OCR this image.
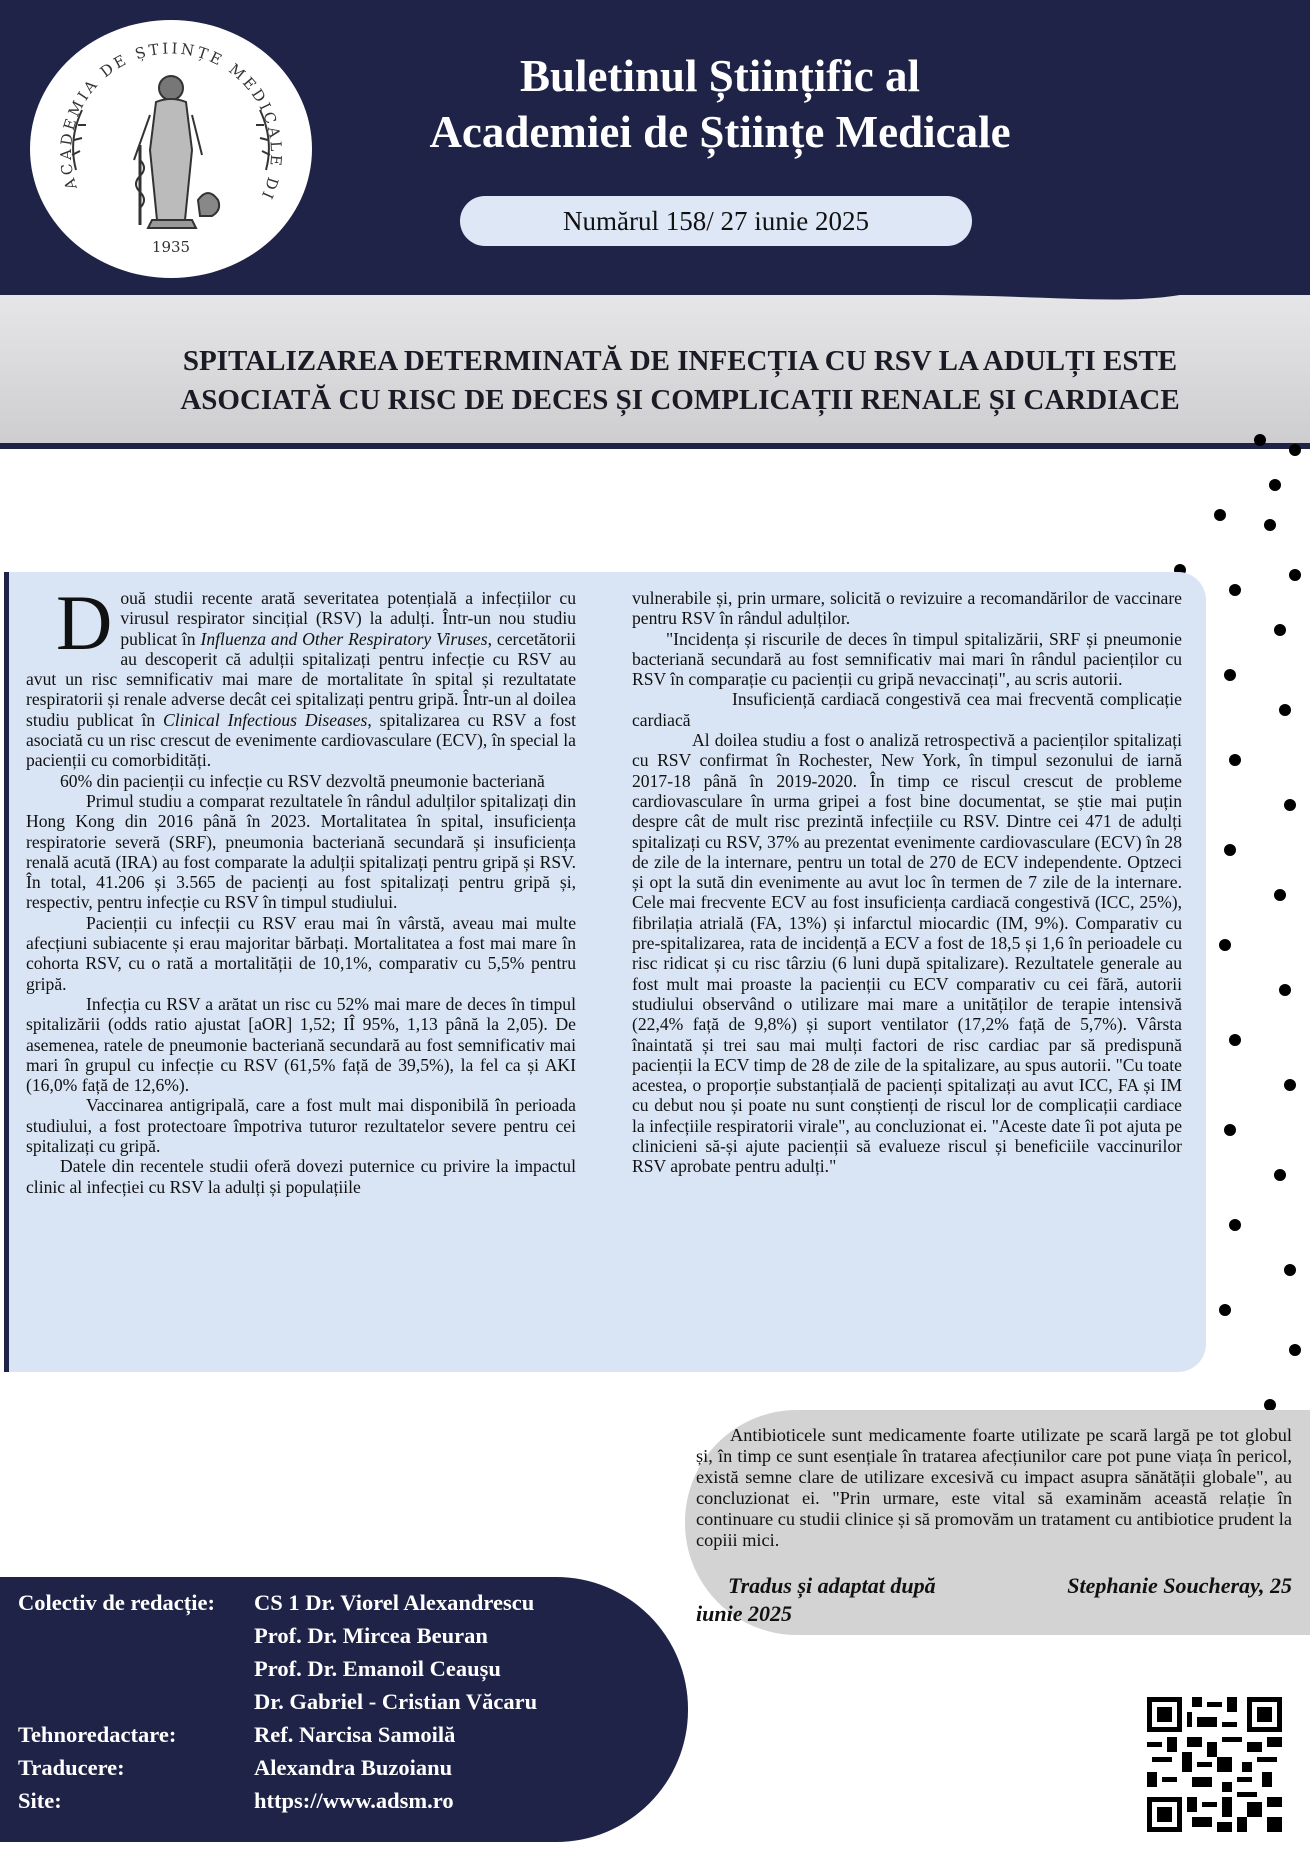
ACADEMIA DE ȘTIINȚE MEDICALE DI
1935
Buletinul Științific al
Academiei de Științe Medicale
Numărul 158/ 27 iunie 2025
SPITALIZAREA DETERMINATĂ DE INFECȚIA CU RSV LA ADULȚI ESTE
ASOCIATĂ CU RISC DE DECES ȘI COMPLICAȚII RENALE ȘI CARDIACE

Două studii recente arată severitatea potențială a infecțiilor cu virusul respirator sincițial (RSV) la adulți. Într-un nou studiu publicat în Influenza and Other Respiratory Viruses, cercetătorii au descoperit că adulții spitalizați pentru infecție cu RSV au avut un risc semnificativ mai mare de mortalitate în spital și rezultatate respiratorii și renale adverse decât cei spitalizați pentru gripă. Într-un al doilea studiu publicat în Clinical Infectious Diseases, spitalizarea cu RSV a fost asociată cu un risc crescut de evenimente cardiovasculare (ECV), în special la pacienții cu comorbidități.

60% din pacienții cu infecție cu RSV dezvoltă pneumonie bacteriană

Primul studiu a comparat rezultatele în rândul adulților spitalizați din Hong Kong din 2016 până în 2023. Mortalitatea în spital, insuficiența respiratorie severă (SRF), pneumonia bacteriană secundară și insuficiența renală acută (IRA) au fost comparate la adulții spitalizați pentru gripă și RSV. În total, 41.206 și 3.565 de pacienți au fost spitalizați pentru gripă și, respectiv, pentru infecție cu RSV în timpul studiului.

Pacienții cu infecții cu RSV erau mai în vârstă, aveau mai multe afecțiuni subiacente și erau majoritar bărbați. Mortalitatea a fost mai mare în cohorta RSV, cu o rată a mortalității de 10,1%, comparativ cu 5,5% pentru gripă.

Infecția cu RSV a arătat un risc cu 52% mai mare de deces în timpul spitalizării (odds ratio ajustat [aOR] 1,52; IÎ 95%, 1,13 până la 2,05). De asemenea, ratele de pneumonie bacteriană secundară au fost semnificativ mai mari în grupul cu infecție cu RSV (61,5% față de 39,5%), la fel ca și AKI (16,0% față de 12,6%).

Vaccinarea antigripală, care a fost mult mai disponibilă în perioada studiului, a fost protectoare împotriva tuturor rezultatelor severe pentru cei spitalizați cu gripă.

Datele din recentele studii oferă dovezi puternice cu privire la impactul clinic al infecției cu RSV la adulți și populațiile

vulnerabile și, prin urmare, solicită o revizuire a recomandărilor de vaccinare pentru RSV în rândul adulților.

"Incidența și riscurile de deces în timpul spitalizării, SRF și pneumonie bacteriană secundară au fost semnificativ mai mari în rândul pacienților cu RSV în comparație cu pacienții cu gripă nevaccinați", au scris autorii.

Insuficiență cardiacă congestivă cea mai frecventă complicație cardiacă

Al doilea studiu a fost o analiză retrospectivă a pacienților spitalizați cu RSV confirmat în Rochester, New York, în timpul sezonului de iarnă 2017-18 până în 2019-2020. În timp ce riscul crescut de probleme cardiovasculare în urma gripei a fost bine documentat, se știe mai puțin despre cât de mult risc prezintă infecțiile cu RSV. Dintre cei 471 de adulți spitalizați cu RSV, 37% au prezentat evenimente cardiovasculare (ECV) în 28 de zile de la internare, pentru un total de 270 de ECV independente. Optzeci și opt la sută din evenimente au avut loc în termen de 7 zile de la internare. Cele mai frecvente ECV au fost insuficiența cardiacă congestivă (ICC, 25%), fibrilația atrială (FA, 13%) și infarctul miocardic (IM, 9%). Comparativ cu pre-spitalizarea, rata de incidență a ECV a fost de 18,5 și 1,6 în perioadele cu risc ridicat și cu risc târziu (6 luni după spitalizare). Rezultatele generale au fost mult mai proaste la pacienții cu ECV comparativ cu cei fără, autorii studiului observând o utilizare mai mare a unităților de terapie intensivă (22,4% față de 9,8%) și suport ventilator (17,2% față de 5,7%). Vârsta înaintată și trei sau mai mulți factori de risc cardiac par să predispună pacienții la ECV timp de 28 de zile de la spitalizare, au spus autorii. "Cu toate acestea, o proporție substanțială de pacienți spitalizați au avut ICC, FA și IM cu debut nou și poate nu sunt conștienți de riscul lor de complicații cardiace la infecțiile respiratorii virale", au concluzionat ei. "Aceste date îi pot ajuta pe clinicieni să-și ajute pacienții să evalueze riscul și beneficiile vaccinurilor RSV aprobate pentru adulți."

Antibioticele sunt medicamente foarte utilizate pe scară largă pe tot globul și, în timp ce sunt esențiale în tratarea afecțiunilor care pot pune viața în pericol, există semne clare de utilizare excesivă cu impact asupra sănătății globale", au concluzionat ei. "Prin urmare, este vital să examinăm această relație în continuare cu studii clinice și să promovăm un tratament cu antibiotice prudent la copiii mici.

Tradus și adaptat după	Stephanie Soucheray, 25
iunie 2025
Colectiv de redacție: CS 1 Dr. Viorel Alexandrescu
Prof. Dr. Mircea Beuran
Prof. Dr. Emanoil Ceaușu
Dr. Gabriel - Cristian Văcaru
Tehnoredactare:	Ref. Narcisa Samoilă
Traducere:	Alexandra Buzoianu
Site:	https://www.adsm.ro
